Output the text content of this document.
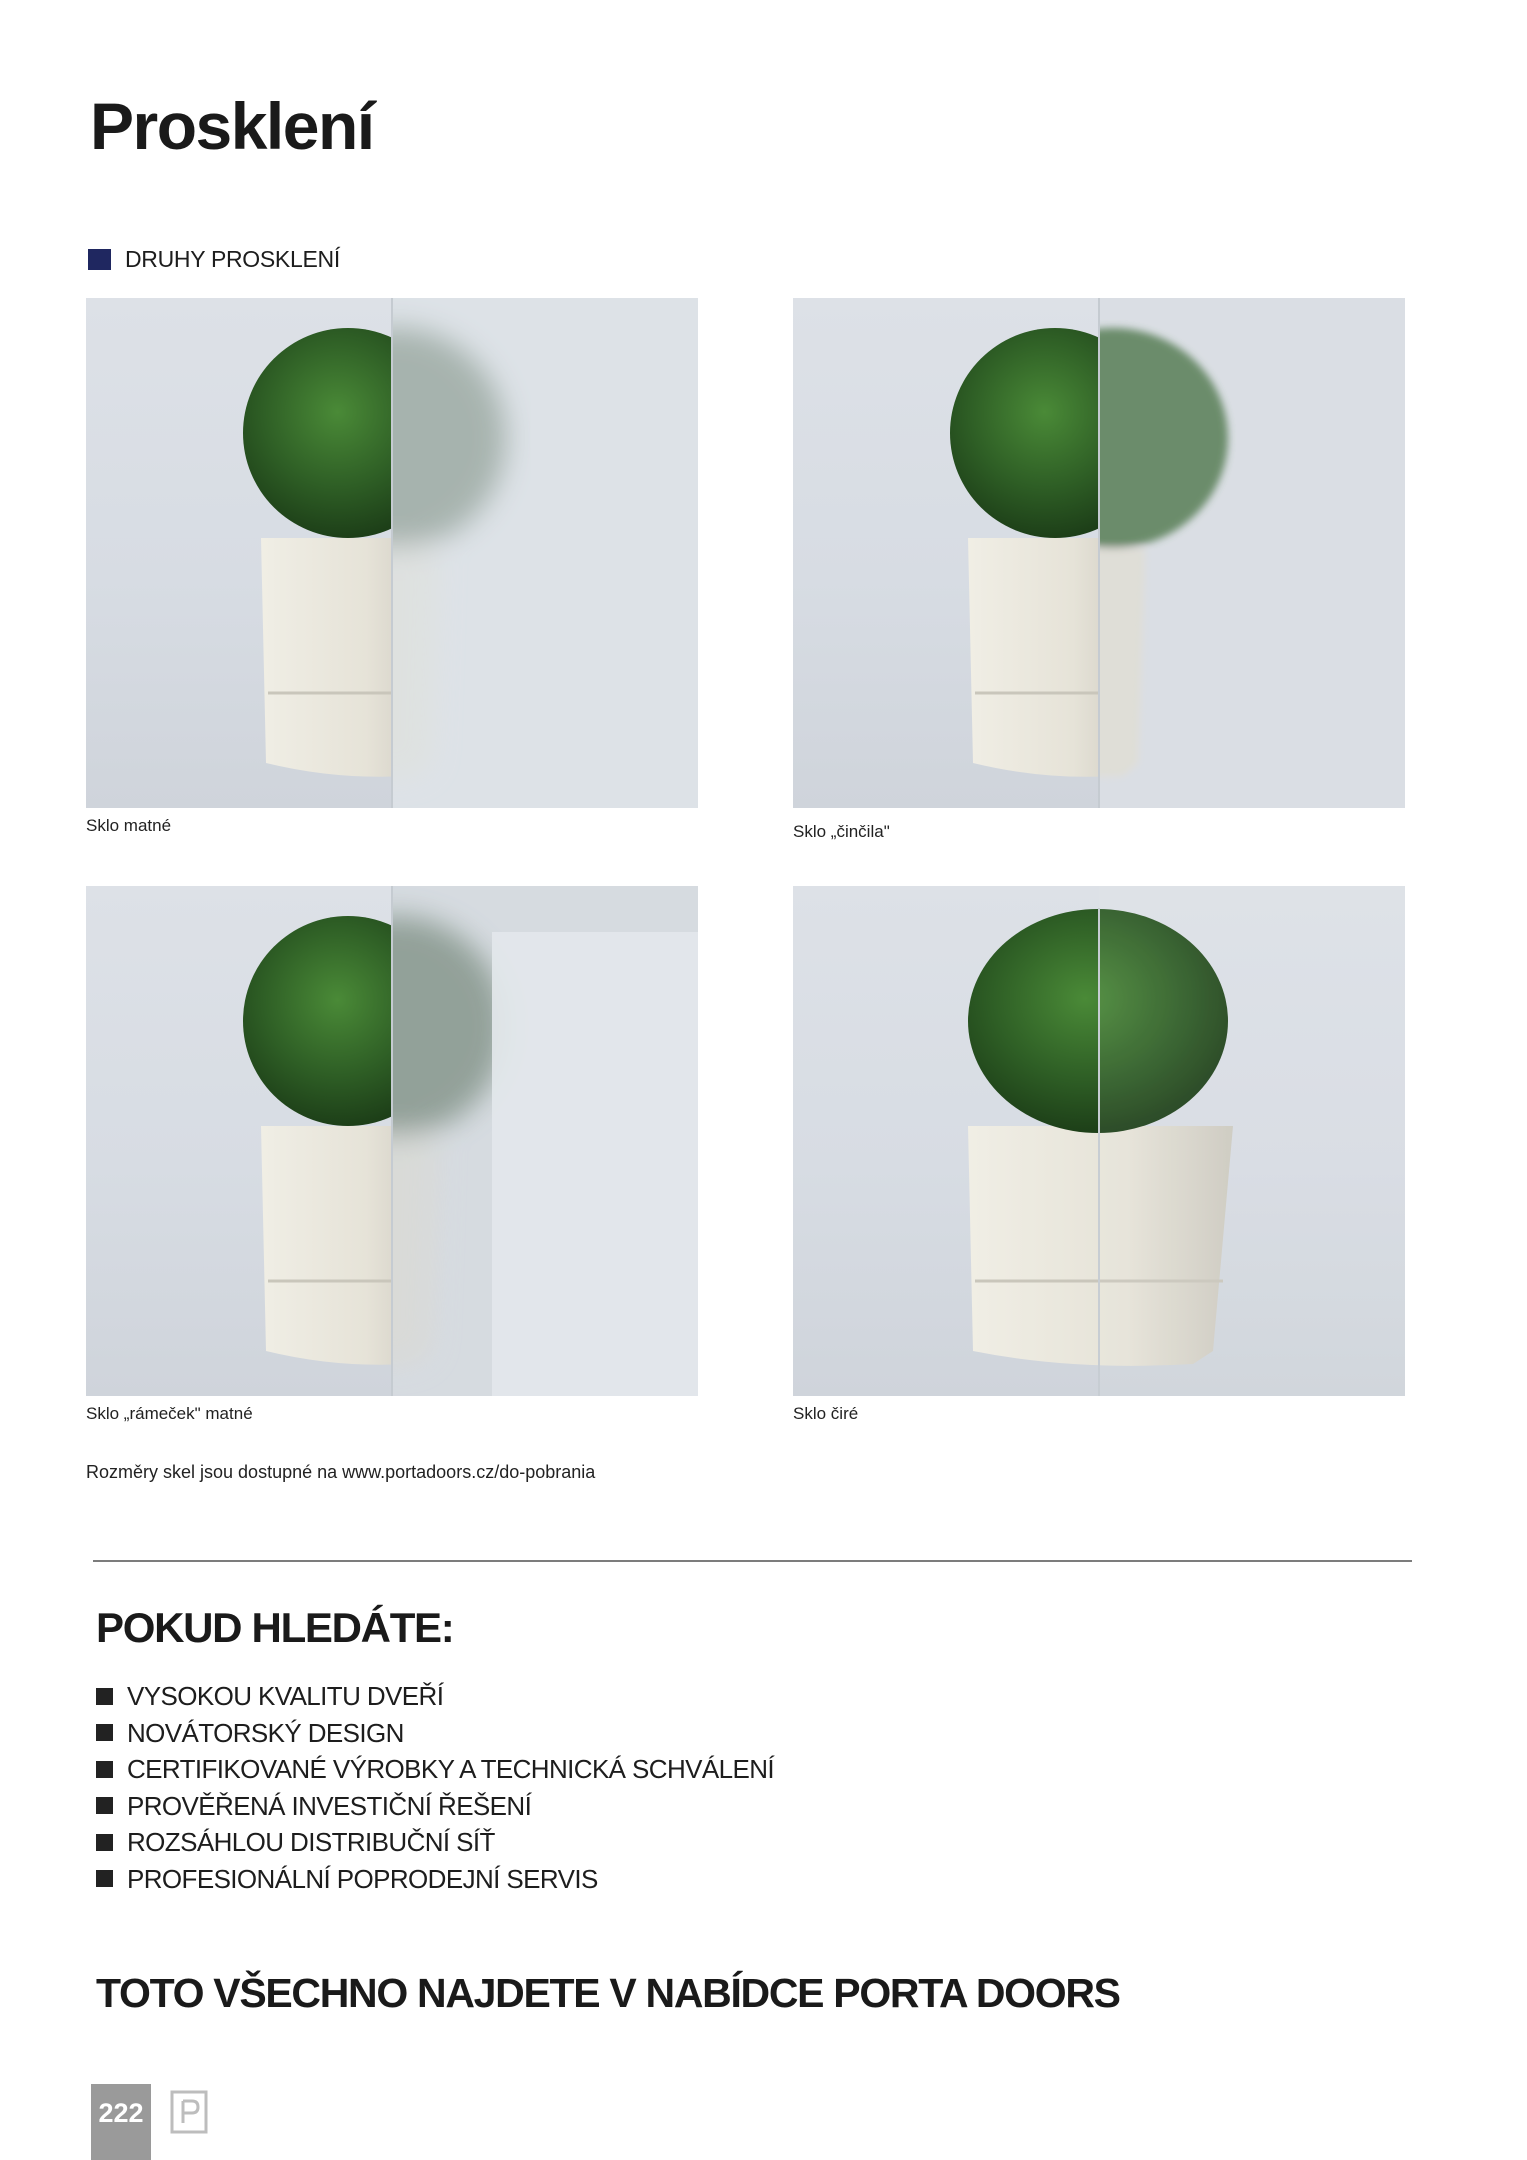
Prosklení
DRUHY PROSKLENÍ
Sklo matné	Sklo „činčila"
Sklo „rámeček" matné	Sklo čiré
Rozměry skel jsou dostupné na www.portadoors.cz/do-pobrania
POKUD HLEDÁTE:
VYSOKOU KVALITU DVEŘÍ
NOVÁTORSKÝ DESIGN
CERTIFIKOVANÉ VÝROBKY A TECHNICKÁ SCHVÁLENÍ
PROVĚŘENÁ INVESTIČNÍ ŘEŠENÍ
ROZSÁHLOU DISTRIBUČNÍ SÍŤ
PROFESIONÁLNÍ POPRODEJNÍ SERVIS
TOTO VŠECHNO NAJDETE V NABÍDCE PORTA DOORS
222
